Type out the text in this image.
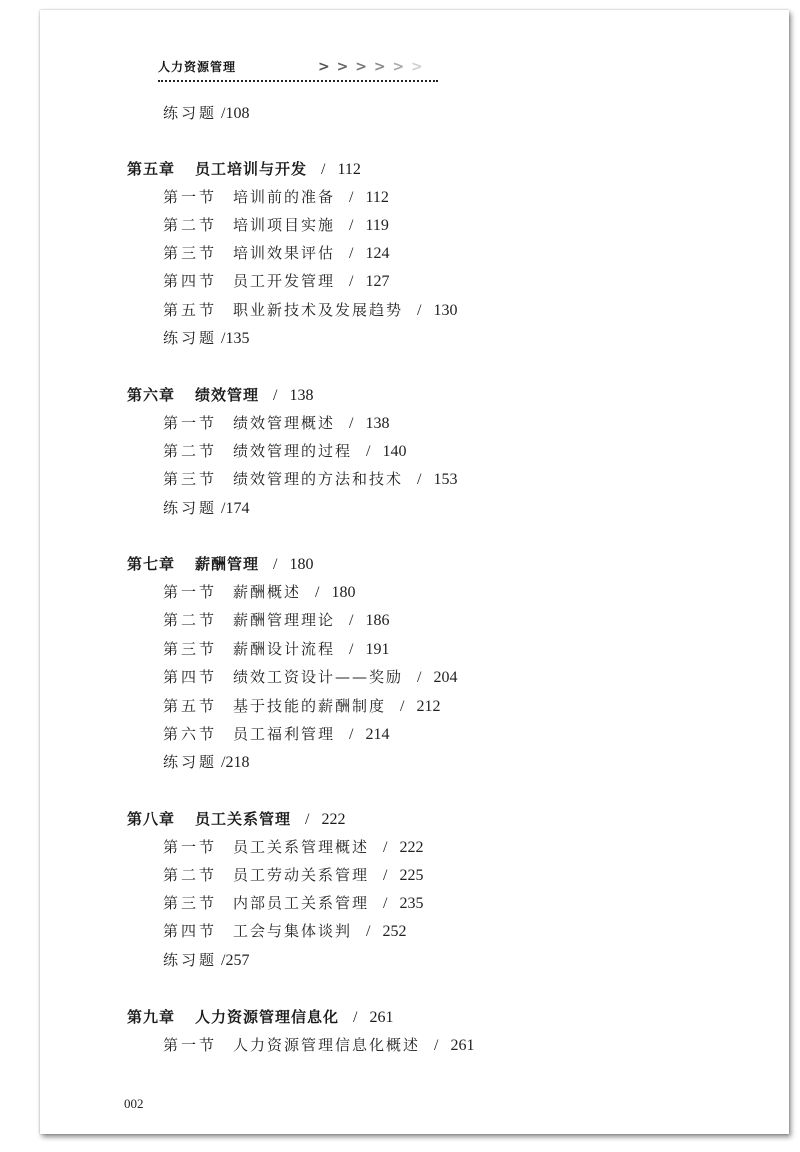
人力资源管理	> > > > > >
练习题 /108
第五章 员工培训与开发 / 112
第一节 培训前的准备 / 112
第二节 培训项目实施 / 119
第三节 培训效果评估 / 124
第四节 员工开发管理 / 127
第五节 职业新技术及发展趋势 / 130
练习题 /135
第六章 绩效管理 / 138
第一节 绩效管理概述 / 138
第二节 绩效管理的过程 / 140
第三节 绩效管理的方法和技术 / 153
练习题 /174
第七章 薪酬管理 / 180
第一节 薪酬概述 / 180
第二节 薪酬管理理论 / 186
第三节 薪酬设计流程 / 191
第四节 绩效工资设计——奖励 / 204
第五节 基于技能的薪酬制度 / 212
第六节 员工福利管理 / 214
练习题 /218
第八章 员工关系管理 / 222
第一节 员工关系管理概述 / 222
第二节 员工劳动关系管理 / 225
第三节 内部员工关系管理 / 235
第四节 工会与集体谈判 / 252
练习题 /257
第九章 人力资源管理信息化 / 261
第一节 人力资源管理信息化概述 / 261
002
